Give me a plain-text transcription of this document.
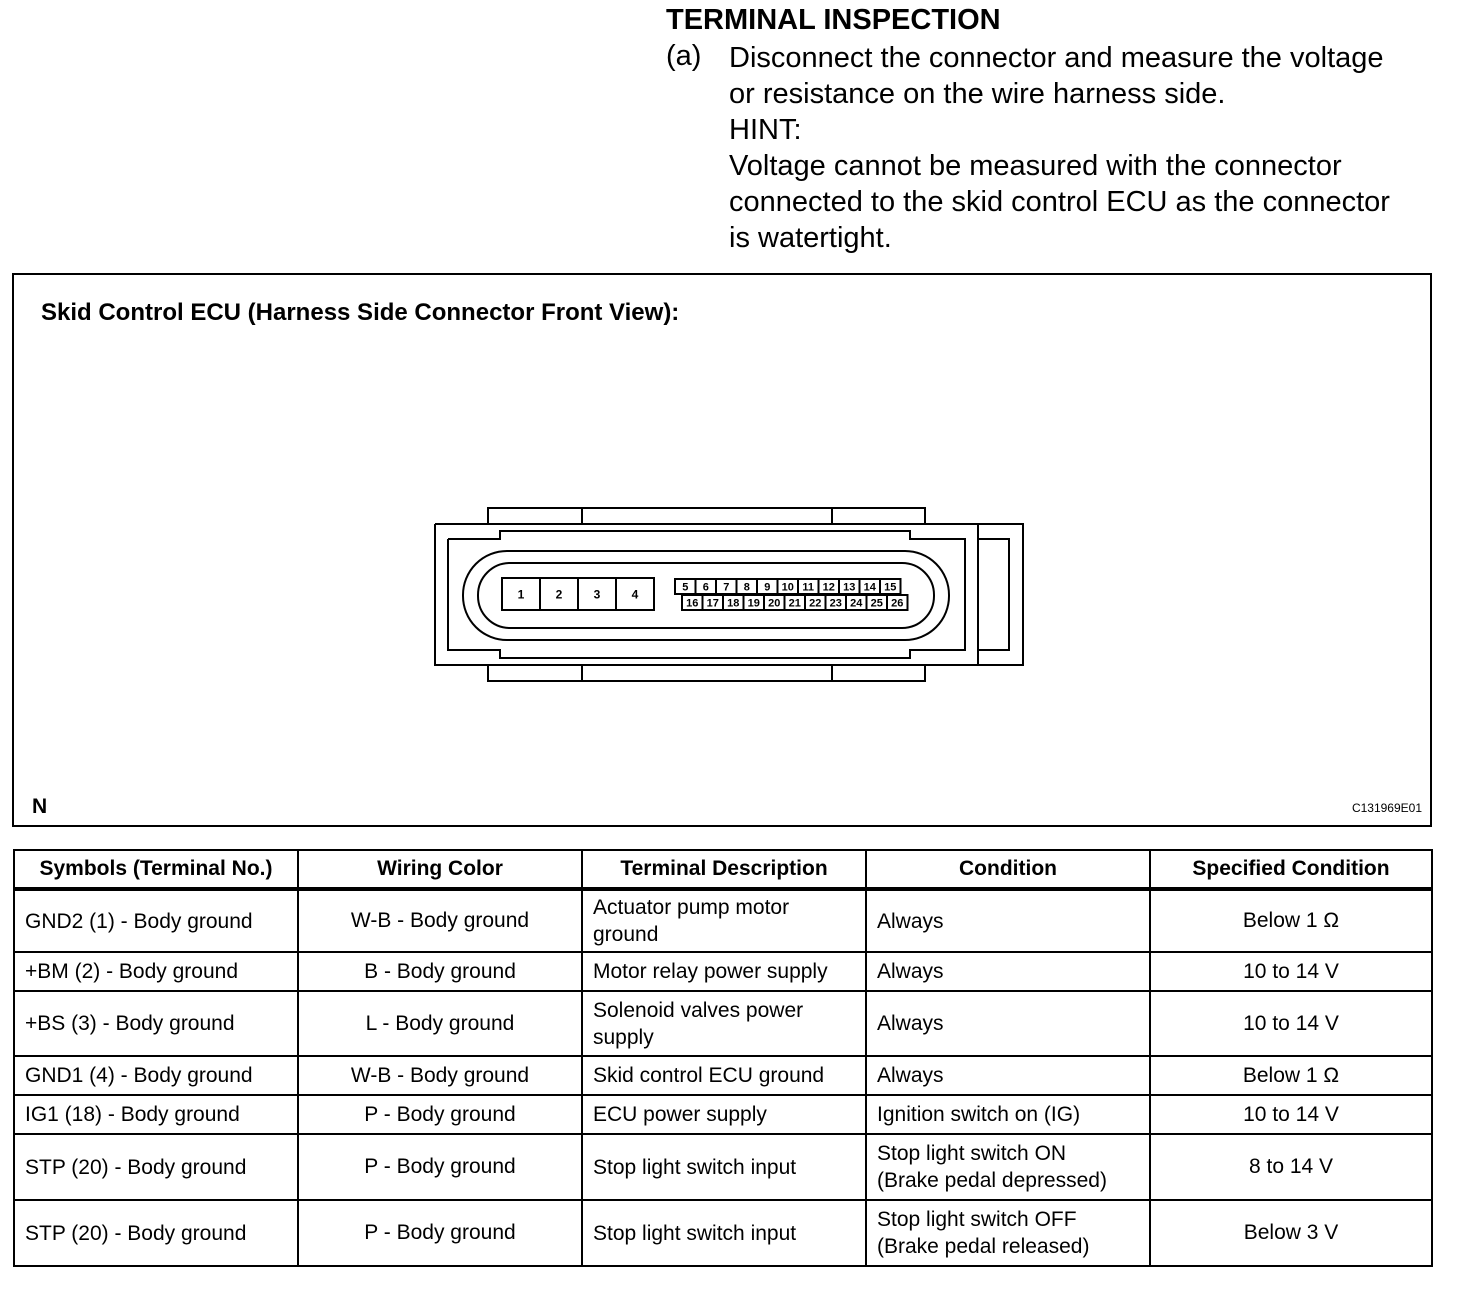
TERMINAL INSPECTION
(a) Disconnect the connector and measure the voltage
or resistance on the wire harness side.
HINT:
Voltage cannot be measured with the connector
connected to the skid control ECU as the connector
is watertight.
Skid Control ECU (Harness Side Connector Front View):
1	2	3	4	5 6 7 8 9 10 11 12 13 14 15
16 17 18 19 20 21 22 23 24 25 26
N	C131969E01
Symbols (Terminal No.)	Wiring Color	Terminal Description	Condition	Specified Condition
GND2 (1) - Body ground	W-B - Body ground	Actuator pump motor
ground	Always	Below 1 Ω
+BM (2) - Body ground	B - Body ground	Motor relay power supply	Always	10 to 14 V
+BS (3) - Body ground	L - Body ground	Solenoid valves power
supply	Always	10 to 14 V
GND1 (4) - Body ground	W-B - Body ground	Skid control ECU ground	Always	Below 1 Ω
IG1 (18) - Body ground	P - Body ground	ECU power supply	Ignition switch on (IG)	10 to 14 V
STP (20) - Body ground	P - Body ground	Stop light switch input	Stop light switch ON
(Brake pedal depressed)	8 to 14 V
STP (20) - Body ground	P - Body ground	Stop light switch input	Stop light switch OFF
(Brake pedal released)	Below 3 V
